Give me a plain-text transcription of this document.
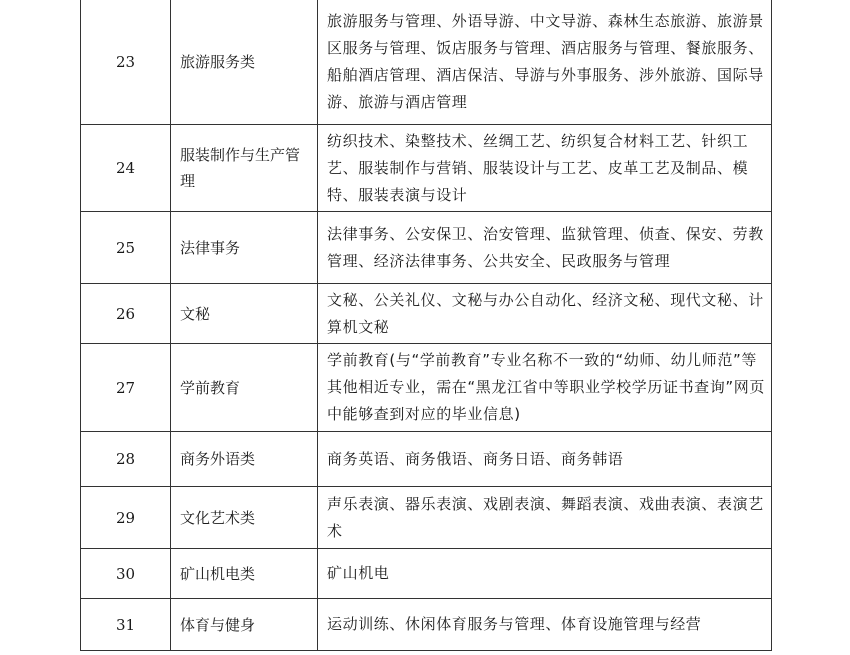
23	旅游服务类	旅游服务与管理、外语导游、中文导游、森林生态旅游、旅游景区服务与管理、饭店服务与管理、酒店服务与管理、餐旅服务、船舶酒店管理、酒店保洁、导游与外事服务、涉外旅游、国际导游、旅游与酒店管理
24	服装制作与生产管理	纺织技术、染整技术、丝绸工艺、纺织复合材料工艺、针织工艺、服装制作与营销、服装设计与工艺、皮革工艺及制品、模特、服装表演与设计
25	法律事务	法律事务、公安保卫、治安管理、监狱管理、侦查、保安、劳教管理、经济法律事务、公共安全、民政服务与管理
26	文秘	文秘、公关礼仪、文秘与办公自动化、经济文秘、现代文秘、计算机文秘
27	学前教育	学前教育(与“学前教育”专业名称不一致的“幼师、幼儿师范”等其他相近专业，需在“黑龙江省中等职业学校学历证书查询”网页中能够查到对应的毕业信息)
28	商务外语类	商务英语、商务俄语、商务日语、商务韩语
29	文化艺术类	声乐表演、器乐表演、戏剧表演、舞蹈表演、戏曲表演、表演艺术
30	矿山机电类	矿山机电
31	体育与健身	运动训练、休闲体育服务与管理、体育设施管理与经营
